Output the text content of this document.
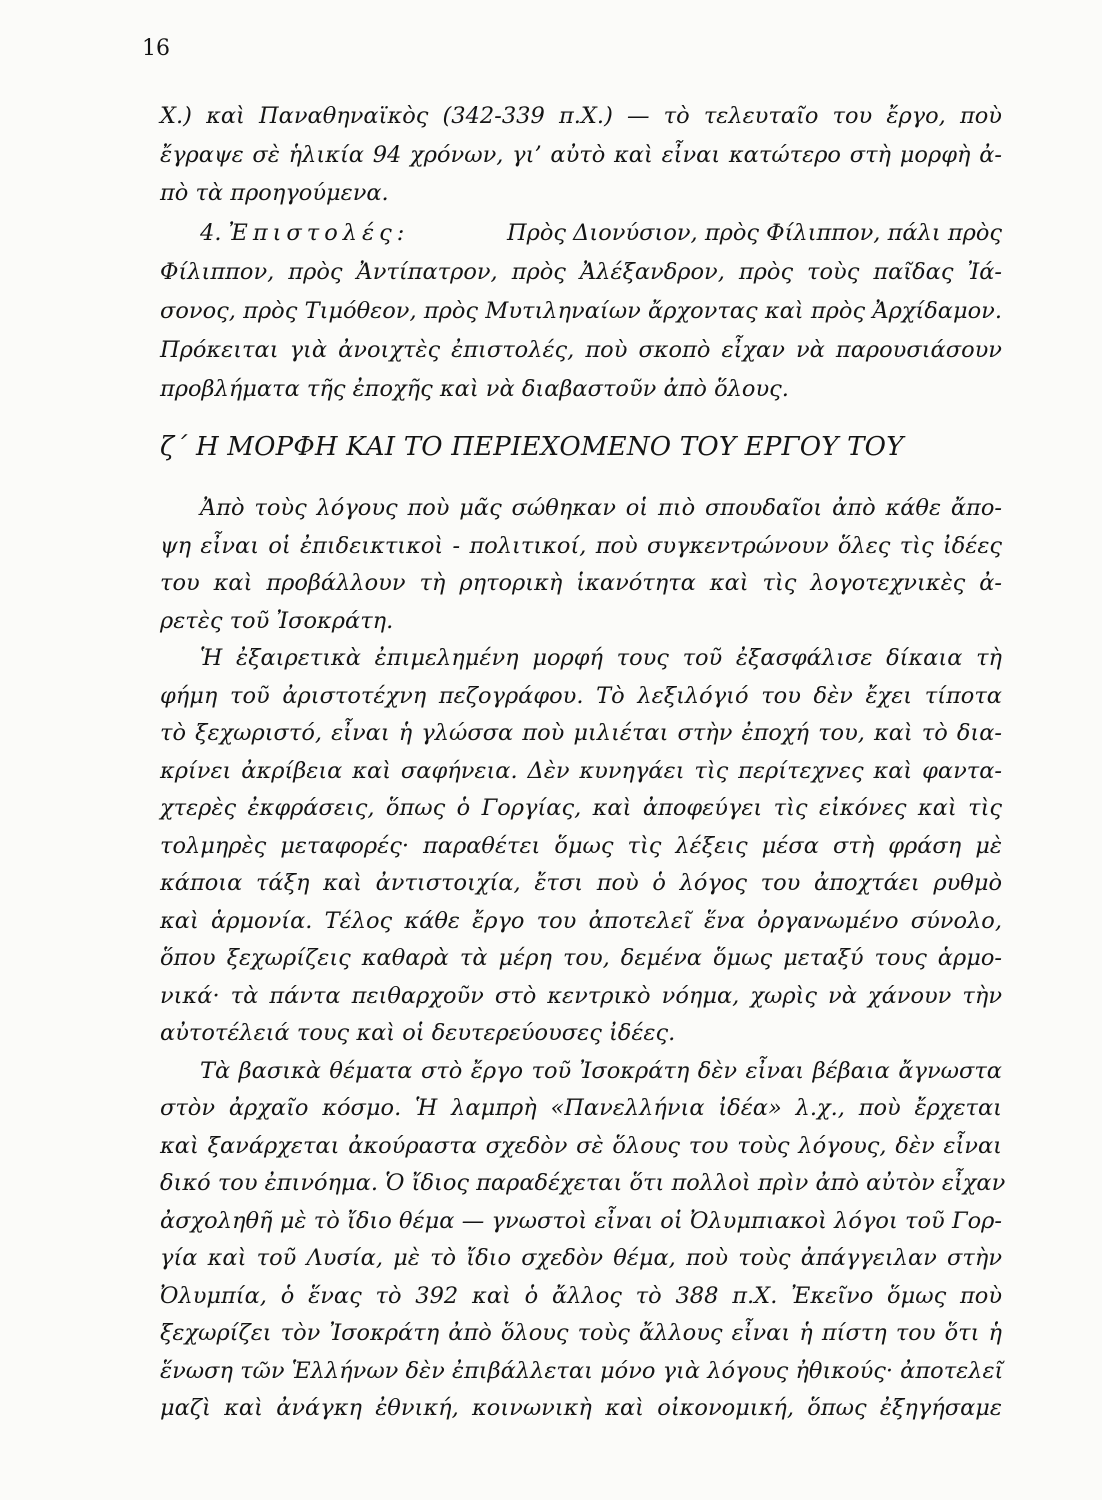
16
Χ.) καὶ Παναθηναϊκὸς (342-339 π.Χ.) — τὸ τελευταῖο του ἔργο, ποὺ
ἔγραψε σὲ ἡλικία 94 χρόνων, γι’ αὐτὸ καὶ εἶναι κατώτερο στὴ μορφὴ ἀ-
πὸ τὰ προηγούμενα.
4. Ἐπιστολές:	Πρὸς Διονύσιον, πρὸς Φίλιππον, πάλι πρὸς
Φίλιππον, πρὸς Ἀντίπατρον, πρὸς Ἀλέξανδρον, πρὸς τοὺς παῖδας Ἰά-
σονος, πρὸς Τιμόθεον, πρὸς Μυτιληναίων ἄρχοντας καὶ πρὸς Ἀρχίδαμον.
Πρόκειται γιὰ ἀνοιχτὲς ἐπιστολές, ποὺ σκοπὸ εἶχαν νὰ παρουσιάσουν
προβλήματα τῆς ἐποχῆς καὶ νὰ διαβαστοῦν ἀπὸ ὅλους.
ζ΄ Η ΜΟΡΦΗ ΚΑΙ ΤΟ ΠΕΡΙΕΧΟΜΕΝΟ ΤΟΥ ΕΡΓΟΥ ΤΟΥ
Ἀπὸ τοὺς λόγους ποὺ μᾶς σώθηκαν οἱ πιὸ σπουδαῖοι ἀπὸ κάθε ἄπο-
ψη εἶναι οἱ ἐπιδεικτικοὶ - πολιτικοί, ποὺ συγκεντρώνουν ὅλες τὶς ἰδέες
του καὶ προβάλλουν τὴ ρητορικὴ ἱκανότητα καὶ τὶς λογοτεχνικὲς ἀ-
ρετὲς τοῦ Ἰσοκράτη.
Ἡ ἐξαιρετικὰ ἐπιμελημένη μορφή τους τοῦ ἐξασφάλισε δίκαια τὴ
φήμη τοῦ ἀριστοτέχνη πεζογράφου. Τὸ λεξιλόγιό του δὲν ἔχει τίποτα
τὸ ξεχωριστό, εἶναι ἡ γλώσσα ποὺ μιλιέται στὴν ἐποχή του, καὶ τὸ δια-
κρίνει ἀκρίβεια καὶ σαφήνεια. Δὲν κυνηγάει τὶς περίτεχνες καὶ φαντα-
χτερὲς ἐκφράσεις, ὅπως ὁ Γοργίας, καὶ ἀποφεύγει τὶς εἰκόνες καὶ τὶς
τολμηρὲς μεταφορές· παραθέτει ὅμως τὶς λέξεις μέσα στὴ φράση μὲ
κάποια τάξη καὶ ἀντιστοιχία, ἔτσι ποὺ ὁ λόγος του ἀποχτάει ρυθμὸ
καὶ ἁρμονία. Τέλος κάθε ἔργο του ἀποτελεῖ ἕνα ὀργανωμένο σύνολο,
ὅπου ξεχωρίζεις καθαρὰ τὰ μέρη του, δεμένα ὅμως μεταξύ τους ἁρμο-
νικά· τὰ πάντα πειθαρχοῦν στὸ κεντρικὸ νόημα, χωρὶς νὰ χάνουν τὴν
αὐτοτέλειά τους καὶ οἱ δευτερεύουσες ἰδέες.
Τὰ βασικὰ θέματα στὸ ἔργο τοῦ Ἰσοκράτη δὲν εἶναι βέβαια ἄγνωστα
στὸν ἀρχαῖο κόσμο. Ἡ λαμπρὴ «Πανελλήνια ἰδέα» λ.χ., ποὺ ἔρχεται
καὶ ξανάρχεται ἀκούραστα σχεδὸν σὲ ὅλους του τοὺς λόγους, δὲν εἶναι
δικό του ἐπινόημα. Ὁ ἴδιος παραδέχεται ὅτι πολλοὶ πρὶν ἀπὸ αὐτὸν εἶχαν
ἀσχοληθῆ μὲ τὸ ἴδιο θέμα — γνωστοὶ εἶναι οἱ Ὀλυμπιακοὶ λόγοι τοῦ Γορ-
γία καὶ τοῦ Λυσία, μὲ τὸ ἴδιο σχεδὸν θέμα, ποὺ τοὺς ἀπάγγειλαν στὴν
Ὀλυμπία, ὁ ἕνας τὸ 392 καὶ ὁ ἄλλος τὸ 388 π.Χ. Ἐκεῖνο ὅμως ποὺ
ξεχωρίζει τὸν Ἰσοκράτη ἀπὸ ὅλους τοὺς ἄλλους εἶναι ἡ πίστη του ὅτι ἡ
ἕνωση τῶν Ἑλλήνων δὲν ἐπιβάλλεται μόνο γιὰ λόγους ἠθικούς· ἀποτελεῖ
μαζὶ καὶ ἀνάγκη ἐθνική, κοινωνικὴ καὶ οἰκονομική, ὅπως ἐξηγήσαμε
